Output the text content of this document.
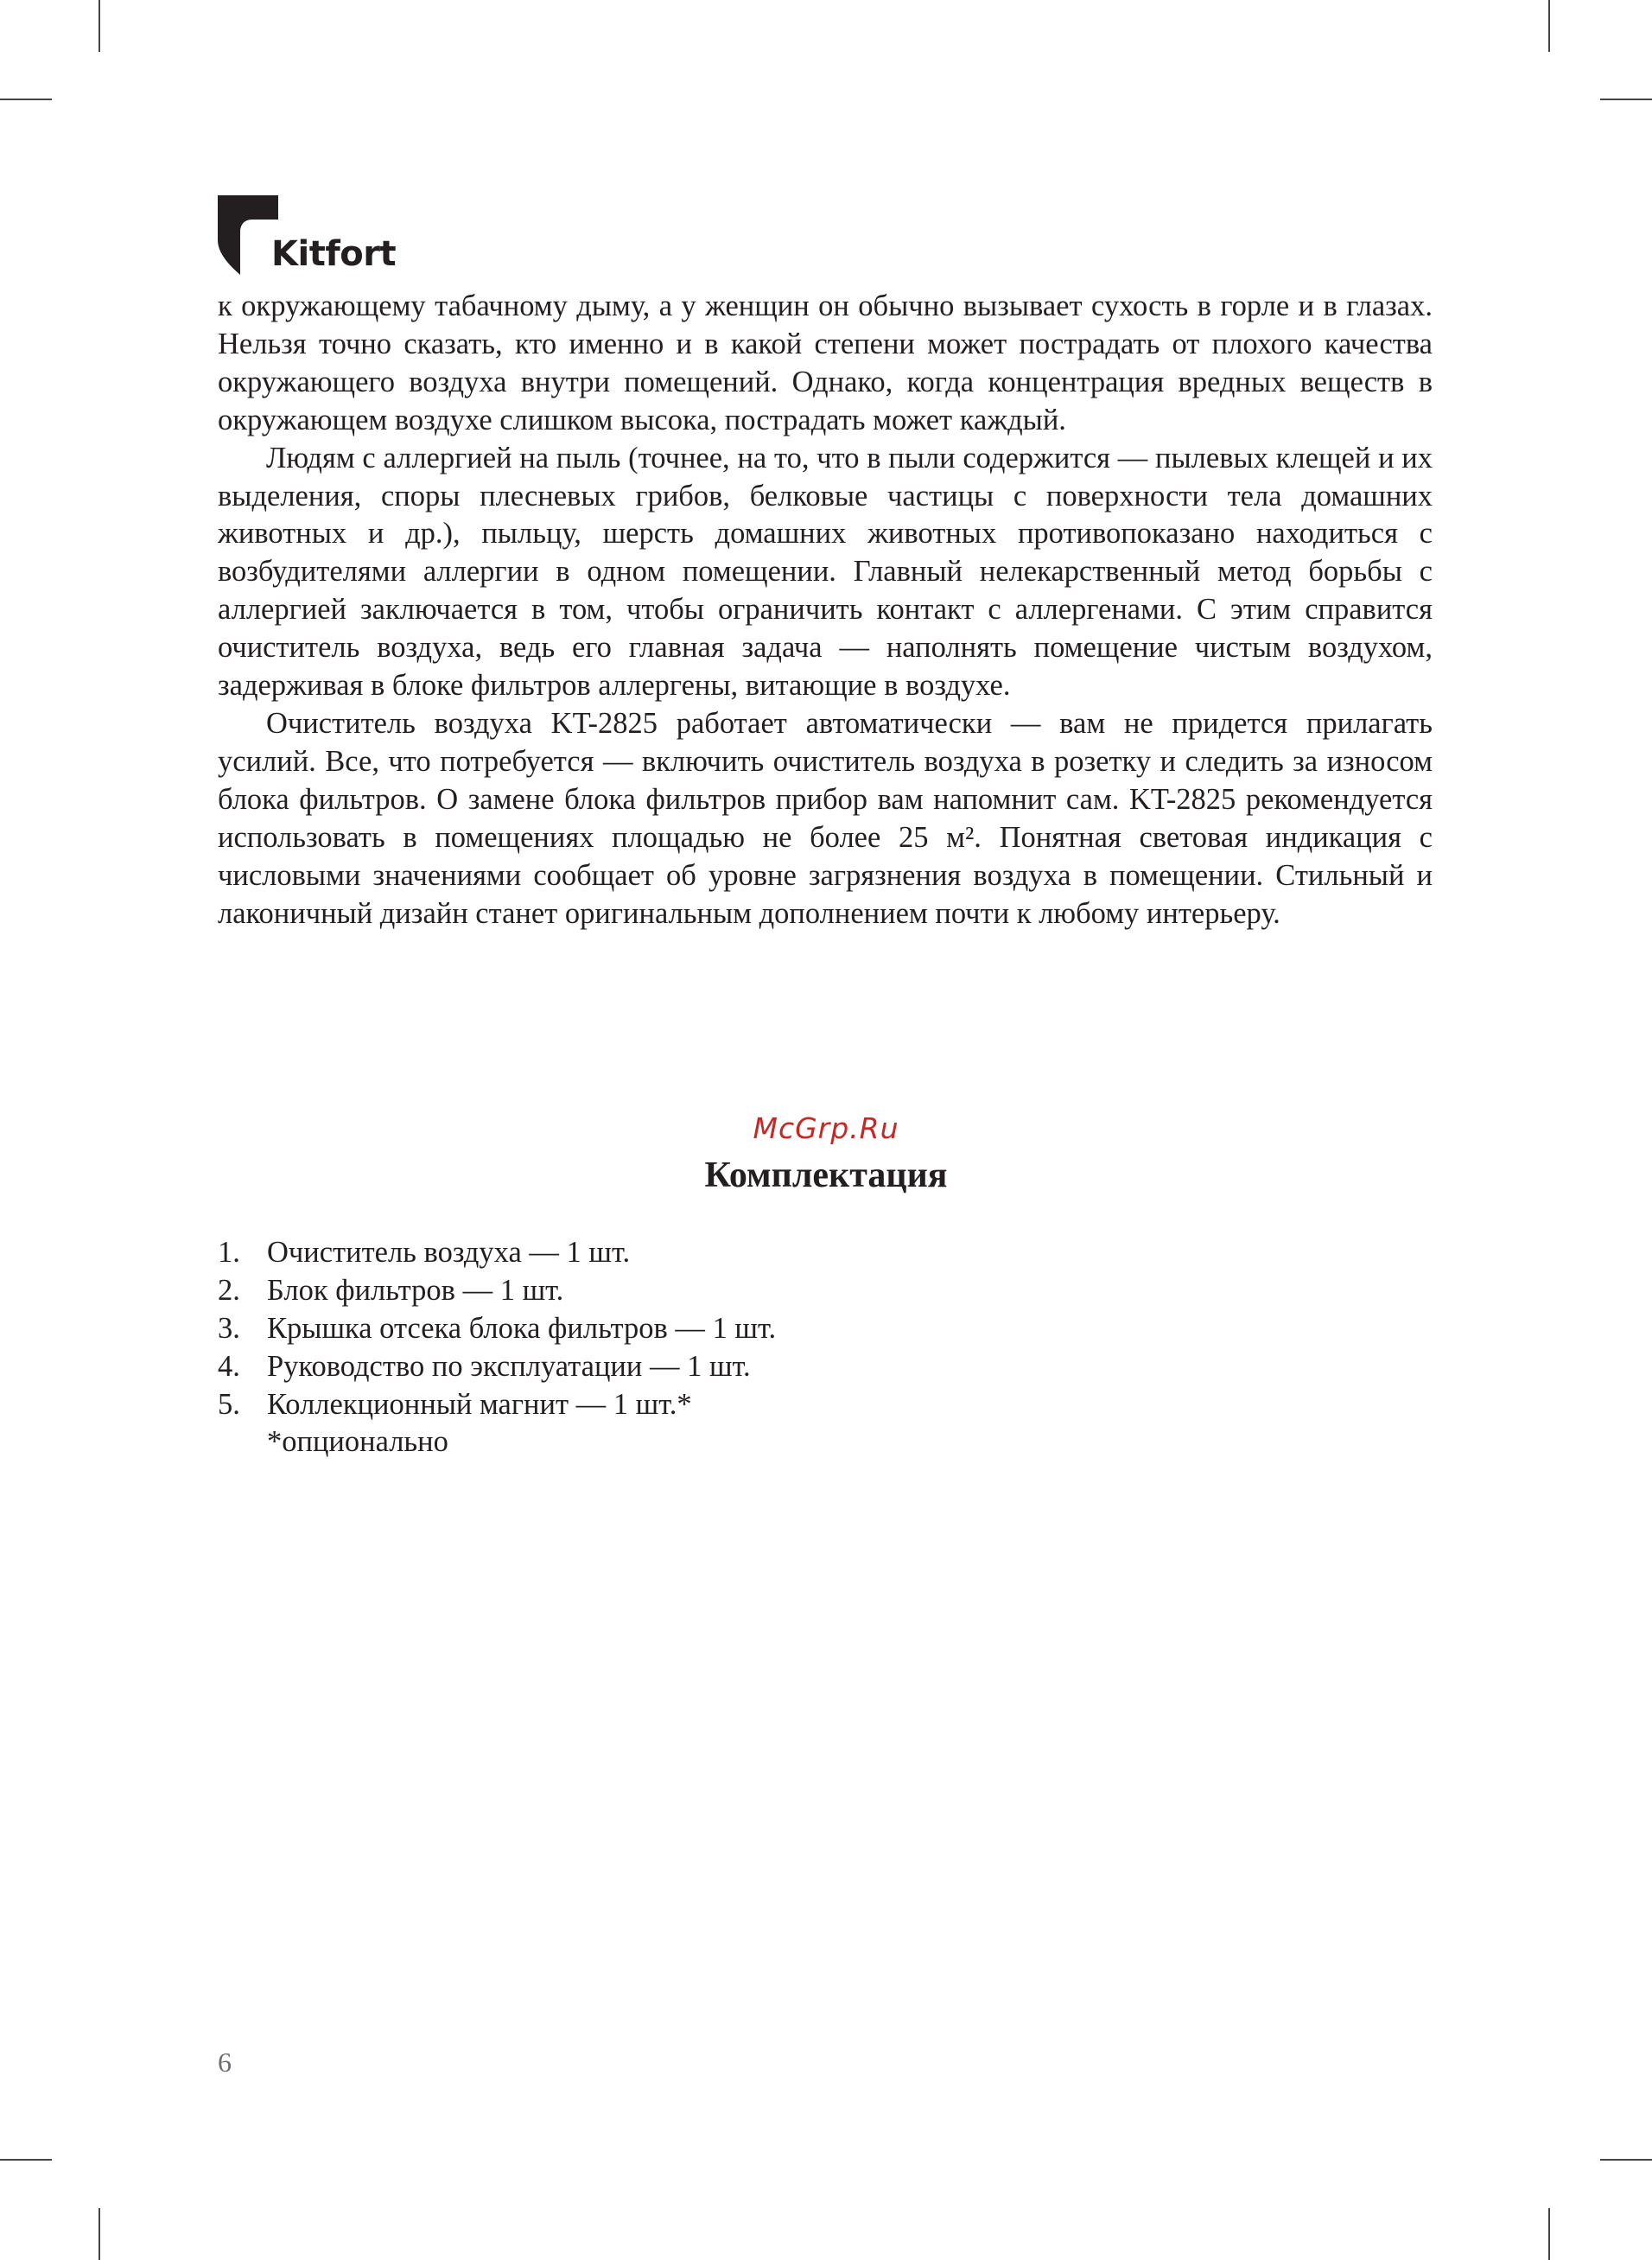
Kitfort

к окружающему табачному дыму, а у женщин он обычно вызывает сухость в горле и в глазах. Нельзя точно сказать, кто именно и в какой степени может пострадать от плохого качества окружающего воздуха внутри помещений. Однако, когда концентрация вредных веществ в окружающем воздухе слишком высока, пострадать может каждый.

Людям с аллергией на пыль (точнее, на то, что в пыли содержится — пылевых клещей и их выделения, споры плесневых грибов, белковые частицы с поверхности тела домашних животных и др.), пыльцу, шерсть домашних животных противопоказано находиться с возбудителями аллергии в одном помещении. Главный нелекарственный метод борьбы с аллергией заключается в том, чтобы ограничить контакт с аллергенами. С этим справится очиститель воздуха, ведь его главная задача — наполнять помещение чистым воздухом, задерживая в блоке фильтров аллергены, витающие в воздухе.

Очиститель воздуха KT-2825 работает автоматически — вам не придется прилагать усилий. Все, что потребуется — включить очиститель воздуха в розетку и следить за износом блока фильтров. О замене блока фильтров прибор вам напомнит сам. KT-2825 рекомендуется использовать в помещениях площадью не более 25 м². Понятная световая индикация с числовыми значениями сообщает об уровне загрязнения воздуха в помещении. Стильный и лаконичный дизайн станет оригинальным дополнением почти к любому интерьеру.

McGrp.Ru
Комплектация
1. Очиститель воздуха — 1 шт.
2. Блок фильтров — 1 шт.
3. Крышка отсека блока фильтров — 1 шт.
4. Руководство по эксплуатации — 1 шт.
5. Коллекционный магнит — 1 шт.*
*опционально
6
